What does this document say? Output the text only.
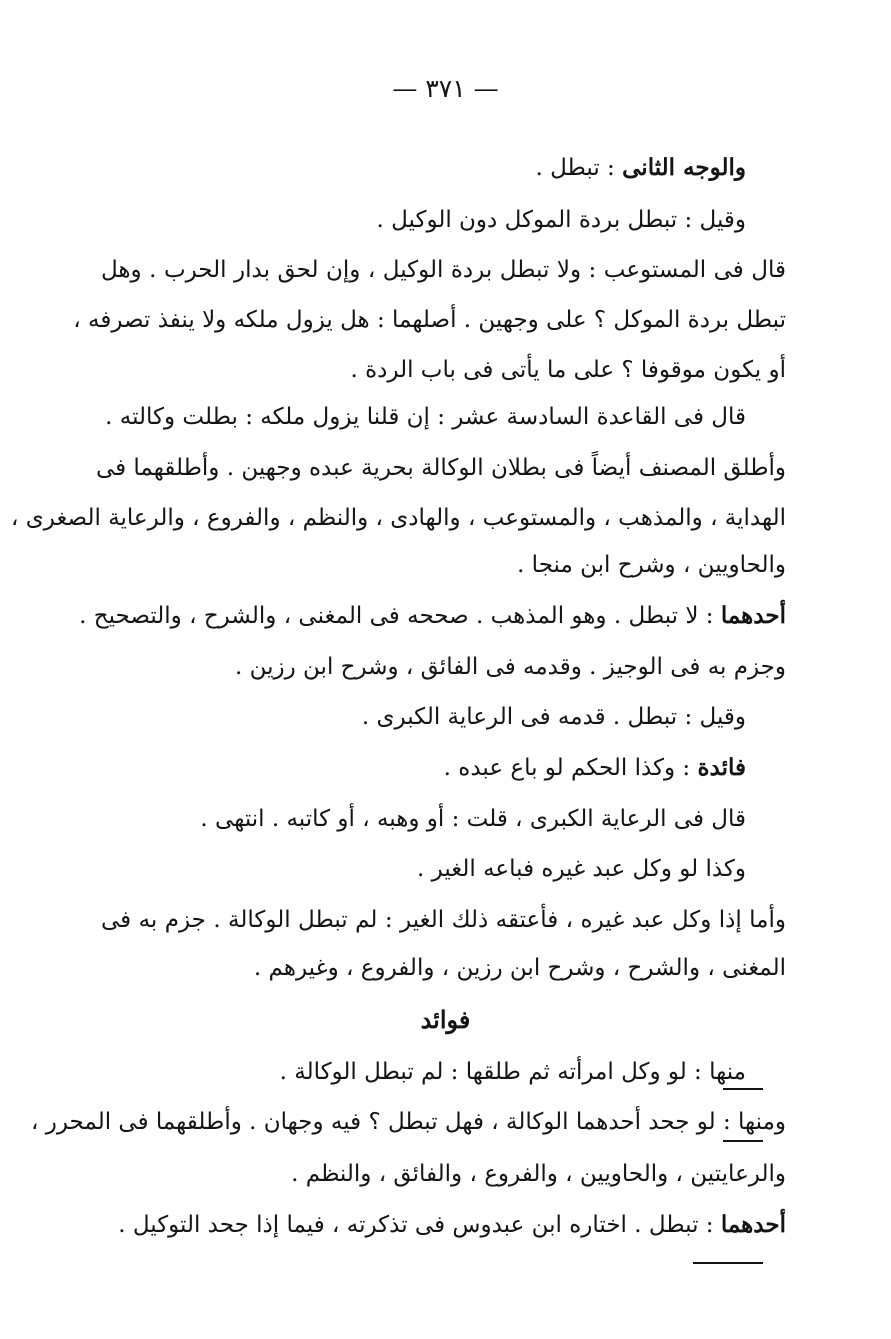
— ٣٧١ —
والوجه الثانى : تبطل .
وقيل : تبطل بردة الموكل دون الوكيل .
قال فى المستوعب : ولا تبطل بردة الوكيل ، وإن لحق بدار الحرب . وهل
تبطل بردة الموكل ؟ على وجهين . أصلهما : هل يزول ملكه ولا ينفذ تصرفه ،
أو يكون موقوفا ؟ على ما يأتى فى باب الردة .
قال فى القاعدة السادسة عشر : إن قلنا يزول ملكه : بطلت وكالته .
وأطلق المصنف أيضاً فى بطلان الوكالة بحرية عبده وجهين . وأطلقهما فى
الهداية ، والمذهب ، والمستوعب ، والهادى ، والنظم ، والفروع ، والرعاية الصغرى ،
والحاويين ، وشرح ابن منجا .
أحدهما : لا تبطل . وهو المذهب . صححه فى المغنى ، والشرح ، والتصحيح .
وجزم به فى الوجيز . وقدمه فى الفائق ، وشرح ابن رزين .
وقيل : تبطل . قدمه فى الرعاية الكبرى .
فائدة : وكذا الحكم لو باع عبده .
قال فى الرعاية الكبرى ، قلت : أو وهبه ، أو كاتبه . انتهى .
وكذا لو وكل عبد غيره فباعه الغير .
وأما إذا وكل عبد غيره ، فأعتقه ذلك الغير : لم تبطل الوكالة . جزم به فى
المغنى ، والشرح ، وشرح ابن رزين ، والفروع ، وغيرهم .
فوائد
منها : لو وكل امرأته ثم طلقها : لم تبطل الوكالة .
ومنها : لو جحد أحدهما الوكالة ، فهل تبطل ؟ فيه وجهان . وأطلقهما فى المحرر ،
والرعايتين ، والحاويين ، والفروع ، والفائق ، والنظم .
أحدهما : تبطل . اختاره ابن عبدوس فى تذكرته ، فيما إذا جحد التوكيل .
